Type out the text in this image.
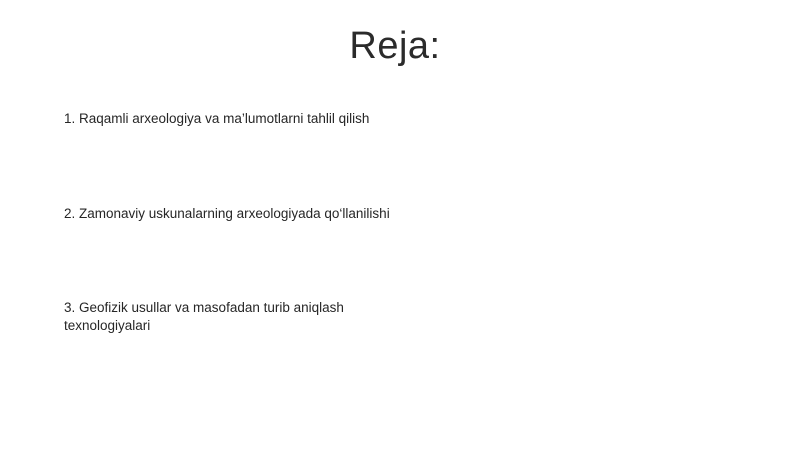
Reja:
1. Raqamli arxeologiya va ma’lumotlarni tahlil qilish
2. Zamonaviy uskunalarning arxeologiyada qo‘llanilishi
3. Geofizik usullar va masofadan turib aniqlash texnologiyalari
